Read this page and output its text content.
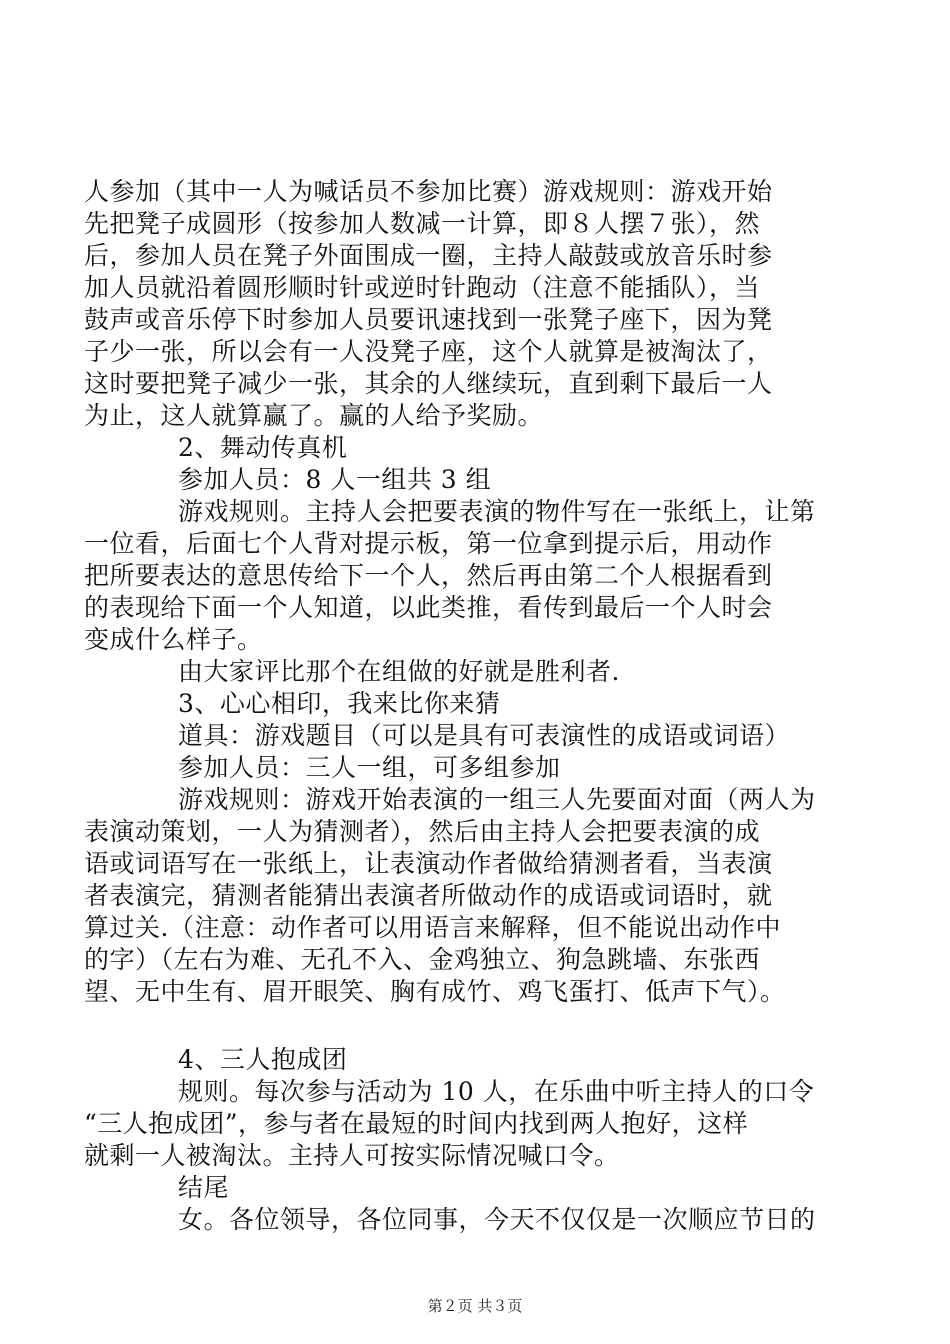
人参加（其中一人为喊话员不参加比赛）游戏规则：游戏开始
先把凳子成圆形（按参加人数减一计算，即８人摆７张），然
后，参加人员在凳子外面围成一圈，主持人敲鼓或放音乐时参
加人员就沿着圆形顺时针或逆时针跑动（注意不能插队），当
鼓声或音乐停下时参加人员要讯速找到一张凳子座下，因为凳
子少一张，所以会有一人没凳子座，这个人就算是被淘汰了，
这时要把凳子减少一张，其余的人继续玩，直到剩下最后一人
为止，这人就算赢了。赢的人给予奖励。
2、舞动传真机
参加人员：8 人一组共 3 组
游戏规则。主持人会把要表演的物件写在一张纸上，让第
一位看，后面七个人背对提示板，第一位拿到提示后，用动作
把所要表达的意思传给下一个人，然后再由第二个人根据看到
的表现给下面一个人知道，以此类推，看传到最后一个人时会
变成什么样子。
由大家评比那个在组做的好就是胜利者.
3、心心相印，我来比你来猜
道具：游戏题目（可以是具有可表演性的成语或词语）
参加人员：三人一组，可多组参加
游戏规则：游戏开始表演的一组三人先要面对面（两人为
表演动策划，一人为猜测者），然后由主持人会把要表演的成
语或词语写在一张纸上，让表演动作者做给猜测者看，当表演
者表演完，猜测者能猜出表演者所做动作的成语或词语时，就
算过关.（注意：动作者可以用语言来解释，但不能说出动作中
的字）（左右为难、无孔不入、金鸡独立、狗急跳墙、东张西
望、无中生有、眉开眼笑、胸有成竹、鸡飞蛋打、低声下气）。
4、三人抱成团
规则。每次参与活动为 10 人，在乐曲中听主持人的口令
“三人抱成团”，参与者在最短的时间内找到两人抱好，这样
就剩一人被淘汰。主持人可按实际情况喊口令。
结尾
女。各位领导，各位同事，今天不仅仅是一次顺应节日的
第２页 共３页
